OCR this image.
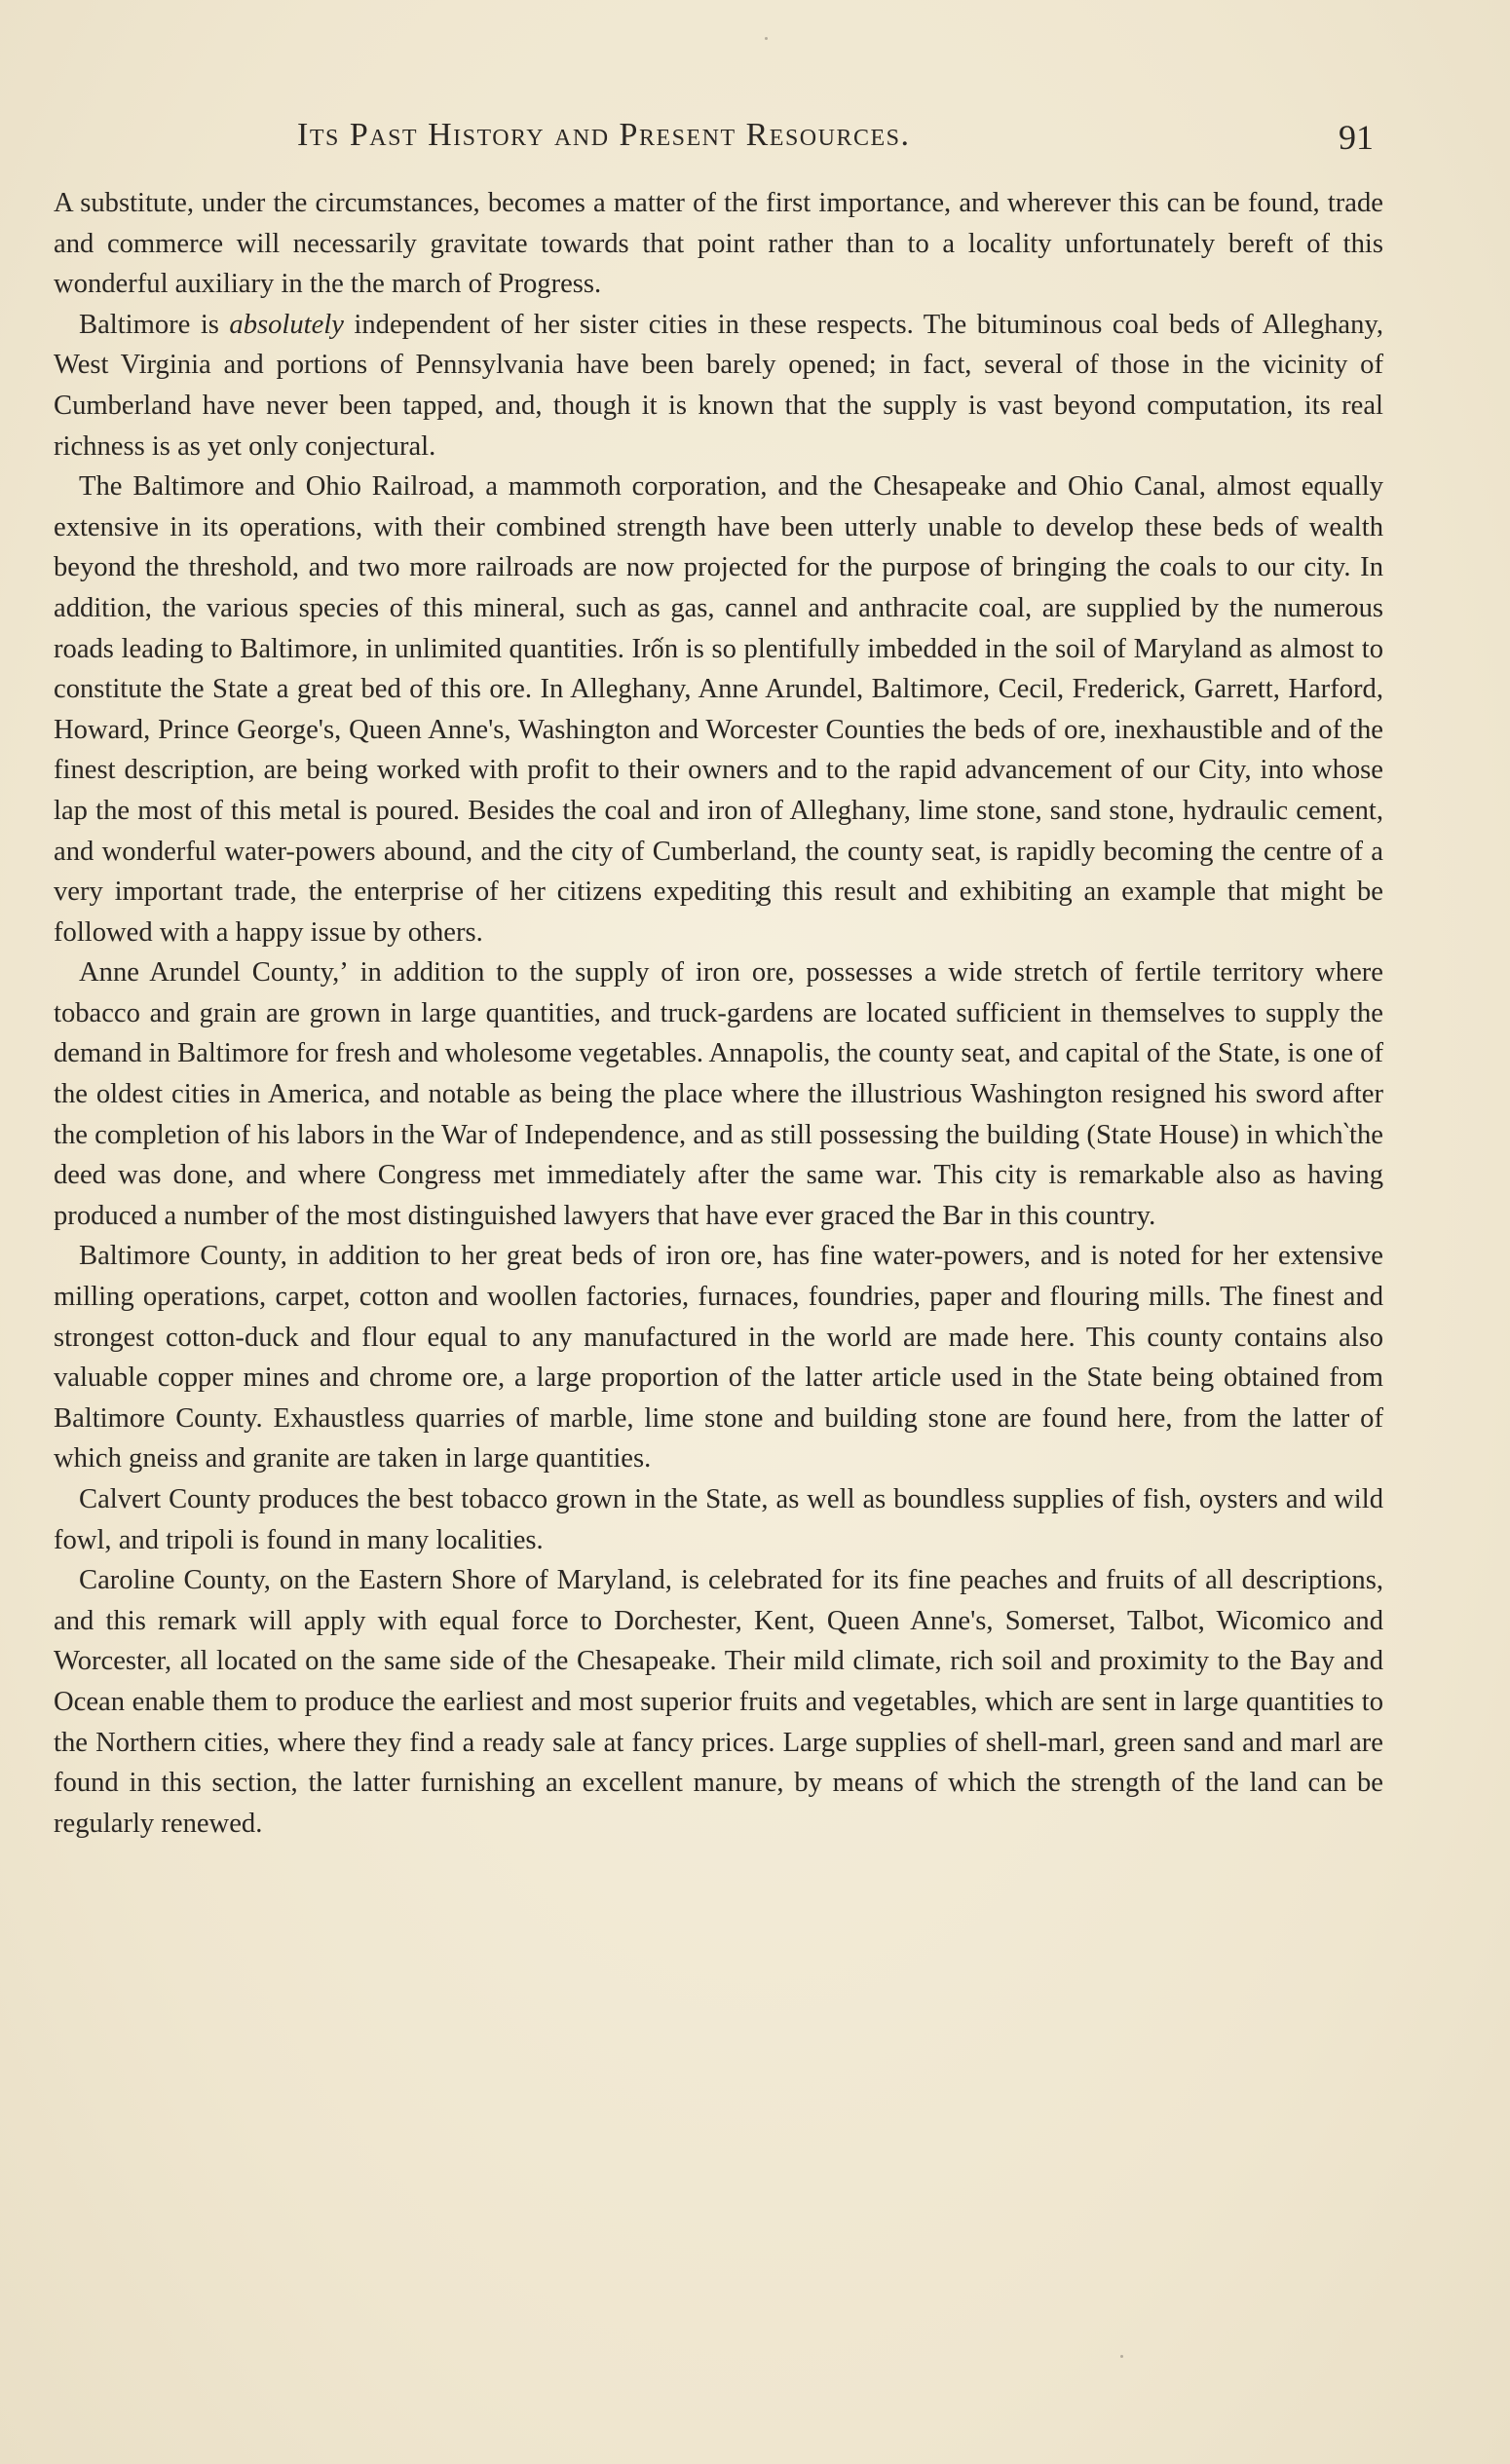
Its Past History and Present Resources.	91

A substitute, under the circumstances, becomes a matter of the first importance, and wherever this can be found, trade and commerce will necessarily gravitate towards that point rather than to a locality unfortunately bereft of this wonderful auxiliary in the the march of Progress.

Baltimore is absolutely independent of her sister cities in these respects. The bituminous coal beds of Alleghany, West Virginia and portions of Pennsylvania have been barely opened; in fact, several of those in the vicinity of Cumberland have never been tapped, and, though it is known that the supply is vast beyond computation, its real richness is as yet only conjectural.

The Baltimore and Ohio Railroad, a mammoth corporation, and the Chesapeake and Ohio Canal, almost equally extensive in its operations, with their combined strength have been utterly unable to develop these beds of wealth beyond the threshold, and two more railroads are now projected for the purpose of bringing the coals to our city. In addition, the various species of this mineral, such as gas, cannel and anthracite coal, are supplied by the numerous roads leading to Baltimore, in unlimited quantities. Irốn is so plentifully imbedded in the soil of Maryland as almost to constitute the State a great bed of this ore. In Alleghany, Anne Arundel, Baltimore, Cecil, Frederick, Garrett, Harford, Howard, Prince George's, Queen Anne's, Washington and Worcester Counties the beds of ore, inexhaustible and of the finest description, are being worked with profit to their owners and to the rapid advancement of our City, into whose lap the most of this metal is poured. Besides the coal and iron of Alleghany, lime stone, sand stone, hydraulic cement, and wonderful water-powers abound, and the city of Cumberland, the county seat, is rapidly becoming the centre of a very important trade, the enterprise of her citizens expeditin̦g this result and exhibiting an example that might be followed with a happy issue by others.

Anne Arundel County,ʼ in addition to the supply of iron ore, possesses a wide stretch of fertile territory where tobacco and grain are grown in large quantities, and truck-gardens are located sufficient in themselves to supply the demand in Baltimore for fresh and wholesome vegetables. Annapolis, the county seat, and capital of the State, is one of the oldest cities in America, and notable as being the place where the illustrious Washington resigned his sword after the completion of his labors in the War of Independence, and as still possessing the building (State House) in which‵the deed was done, and where Congress met immediately after the same war. This city is remarkable also as having produced a number of the most distinguished lawyers that have ever graced the Bar in this country.

Baltimore County, in addition to her great beds of iron ore, has fine water-powers, and is noted for her extensive milling operations, carpet, cotton and woollen factories, furnaces, foundries, paper and flouring mills. The finest and strongest cotton-duck and flour equal to any manufactured in the world are made here. This county contains also valuable copper mines and chrome ore, a large proportion of the latter article used in the State being obtained from Baltimore County. Exhaustless quarries of marble, lime stone and building stone are found here, from the latter of which gneiss and granite are taken in large quantities.

Calvert County produces the best tobacco grown in the State, as well as boundless supplies of fish, oysters and wild fowl, and tripoli is found in many localities.

Caroline County, on the Eastern Shore of Maryland, is celebrated for its fine peaches and fruits of all descriptions, and this remark will apply with equal force to Dorchester, Kent, Queen Anne's, Somerset, Talbot, Wicomico and Worcester, all located on the same side of the Chesapeake. Their mild climate, rich soil and proximity to the Bay and Ocean enable them to produce the earliest and most superior fruits and vegetables, which are sent in large quantities to the Northern cities, where they find a ready sale at fancy prices. Large supplies of shell-marl, green sand and marl are found in this section, the latter furnishing an excellent manure, by means of which the strength of the land can be regularly renewed.
